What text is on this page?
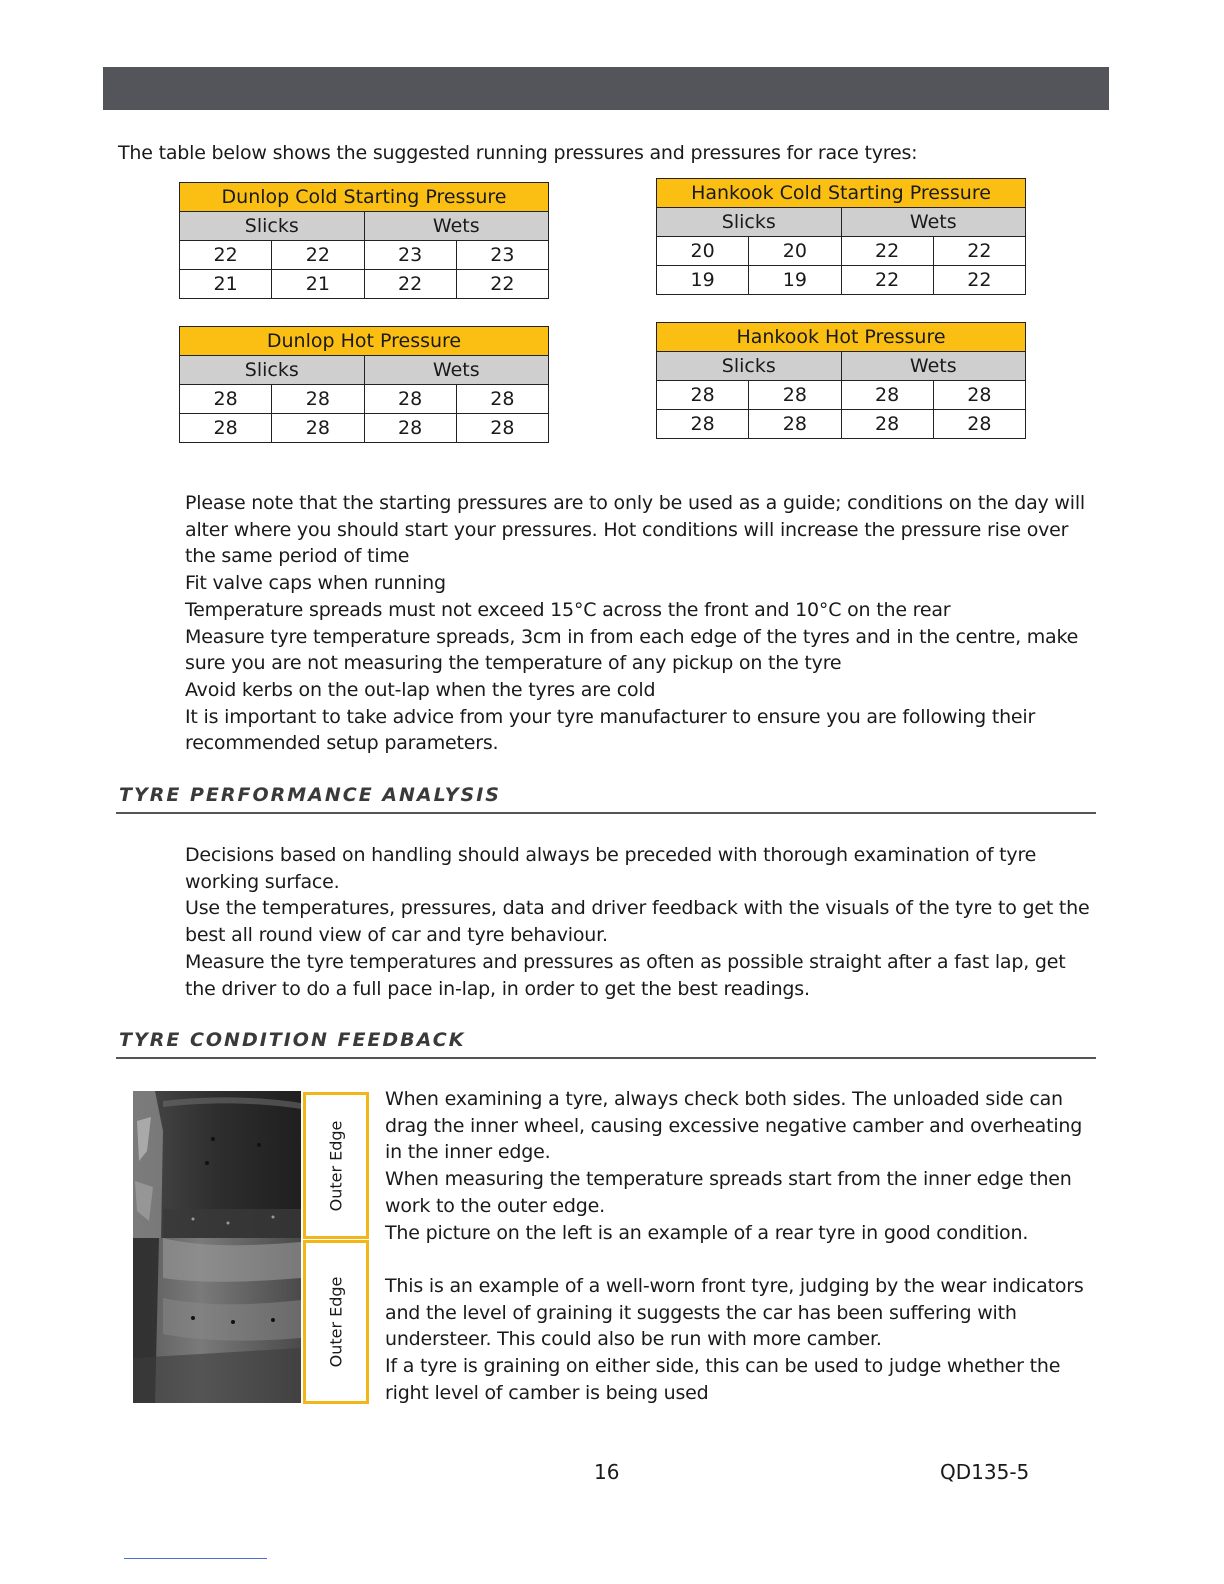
The table below shows the suggested running pressures and pressures for race tyres:

Dunlop Cold Starting Pressure			
Slicks		Wets	
22	22	23	23
21	21	22	22
Hankook Cold Starting Pressure			
Slicks		Wets	
20	20	22	22
19	19	22	22
Dunlop Hot Pressure			
Slicks		Wets	
28	28	28	28
28	28	28	28
Hankook Hot Pressure			
Slicks		Wets	
28	28	28	28
28	28	28	28

Please note that the starting pressures are to only be used as a guide; conditions on the day will alter where you should start your pressures. Hot conditions will increase the pressure rise over the same period of time

Fit valve caps when running

Temperature spreads must not exceed 15°C across the front and 10°C on the rear

Measure tyre temperature spreads, 3cm in from each edge of the tyres and in the centre, make sure you are not measuring the temperature of any pickup on the tyre

Avoid kerbs on the out-lap when the tyres are cold

It is important to take advice from your tyre manufacturer to ensure you are following their recommended setup parameters.

TYRE PERFORMANCE ANALYSIS

Decisions based on handling should always be preceded with thorough examination of tyre working surface.

Use the temperatures, pressures, data and driver feedback with the visuals of the tyre to get the best all round view of car and tyre behaviour.

Measure the tyre temperatures and pressures as often as possible straight after a fast lap, get the driver to do a full pace in-lap, in order to get the best readings.

TYRE CONDITION FEEDBACK
Outer Edge
Outer Edge

When examining a tyre, always check both sides. The unloaded side can drag the inner wheel, causing excessive negative camber and overheating in the inner edge.

When measuring the temperature spreads start from the inner edge then work to the outer edge.

The picture on the left is an example of a rear tyre in good condition.

This is an example of a well-worn front tyre, judging by the wear indicators and the level of graining it suggests the car has been suffering with understeer. This could also be run with more camber.

If a tyre is graining on either side, this can be used to judge whether the right level of camber is being used

16	QD135-5
